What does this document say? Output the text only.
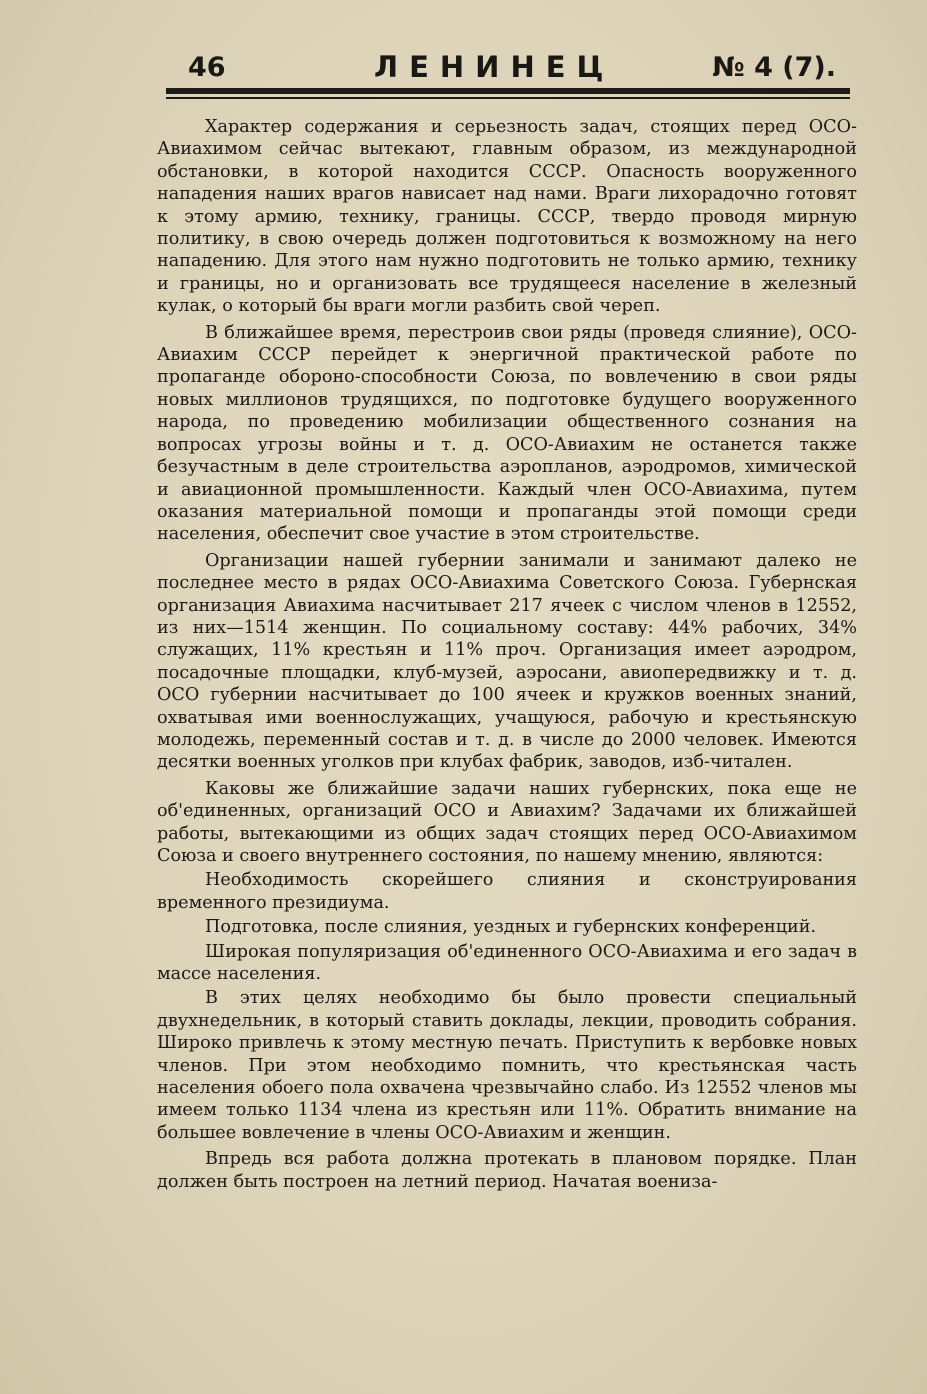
46	ЛЕНИНЕЦ	№ 4 (7).

Характер содержания и серьезность задач, стоящих перед ОСО-Авиахимом сейчас вытекают, главным образом, из международной обстановки, в которой находится СССР. Опасность вооруженного нападения наших врагов нависает над нами. Враги лихорадочно готовят к этому армию, технику, границы. СССР, твердо проводя мирную политику, в свою очередь должен подготовиться к возможному на него нападению. Для этого нам нужно подготовить не только армию, технику и границы, но и организовать все трудящееся население в железный кулак, о который бы враги могли разбить свой череп.

В ближайшее время, перестроив свои ряды (проведя слияние), ОСО-Авиахим СССР перейдет к энергичной практической работе по пропаганде обороно-способности Союза, по вовлечению в свои ряды новых миллионов трудящихся, по подготовке будущего вооруженного народа, по проведению мобилизации общественного сознания на вопросах угрозы войны и т. д. ОСО-Авиахим не останется также безучастным в деле строительства аэропланов, аэродромов, химической и авиационной промышленности. Каждый член ОСО-Авиахима, путем оказания материальной помощи и пропаганды этой помощи среди населения, обеспечит свое участие в этом строительстве.

Организации нашей губернии занимали и занимают далеко не последнее место в рядах ОСО-Авиахима Советского Союза. Губернская организация Авиахима насчитывает 217 ячеек с числом членов в 12552, из них—1514 женщин. По социальному составу: 44% рабочих, 34% служащих, 11% крестьян и 11% проч. Организация имеет аэродром, посадочные площадки, клуб-музей, аэросани, авиопередвижку и т. д. ОСО губернии насчитывает до 100 ячеек и кружков военных знаний, охватывая ими военнослужащих, учащуюся, рабочую и крестьянскую молодежь, переменный состав и т. д. в числе до 2000 человек. Имеются десятки военных уголков при клубах фабрик, заводов, изб-читален.

Каковы же ближайшие задачи наших губернских, пока еще не об'единенных, организаций ОСО и Авиахим? Задачами их ближайшей работы, вытекающими из общих задач стоящих перед ОСО-Авиахимом Союза и своего внутреннего состояния, по нашему мнению, являются:

Необходимость скорейшего слияния и сконструирования временного президиума.

Подготовка, после слияния, уездных и губернских конференций.

Широкая популяризация об'единенного ОСО-Авиахима и его задач в массе населения.

В этих целях необходимо бы было провести специальный двухнедельник, в который ставить доклады, лекции, проводить собрания. Широко привлечь к этому местную печать. Приступить к вербовке новых членов. При этом необходимо помнить, что крестьянская часть населения обоего пола охвачена чрезвычайно слабо. Из 12552 членов мы имеем только 1134 члена из крестьян или 11%. Обратить внимание на большее вовлечение в члены ОСО-Авиахим и женщин.

Впредь вся работа должна протекать в плановом порядке. План должен быть построен на летний период. Начатая военизa-
